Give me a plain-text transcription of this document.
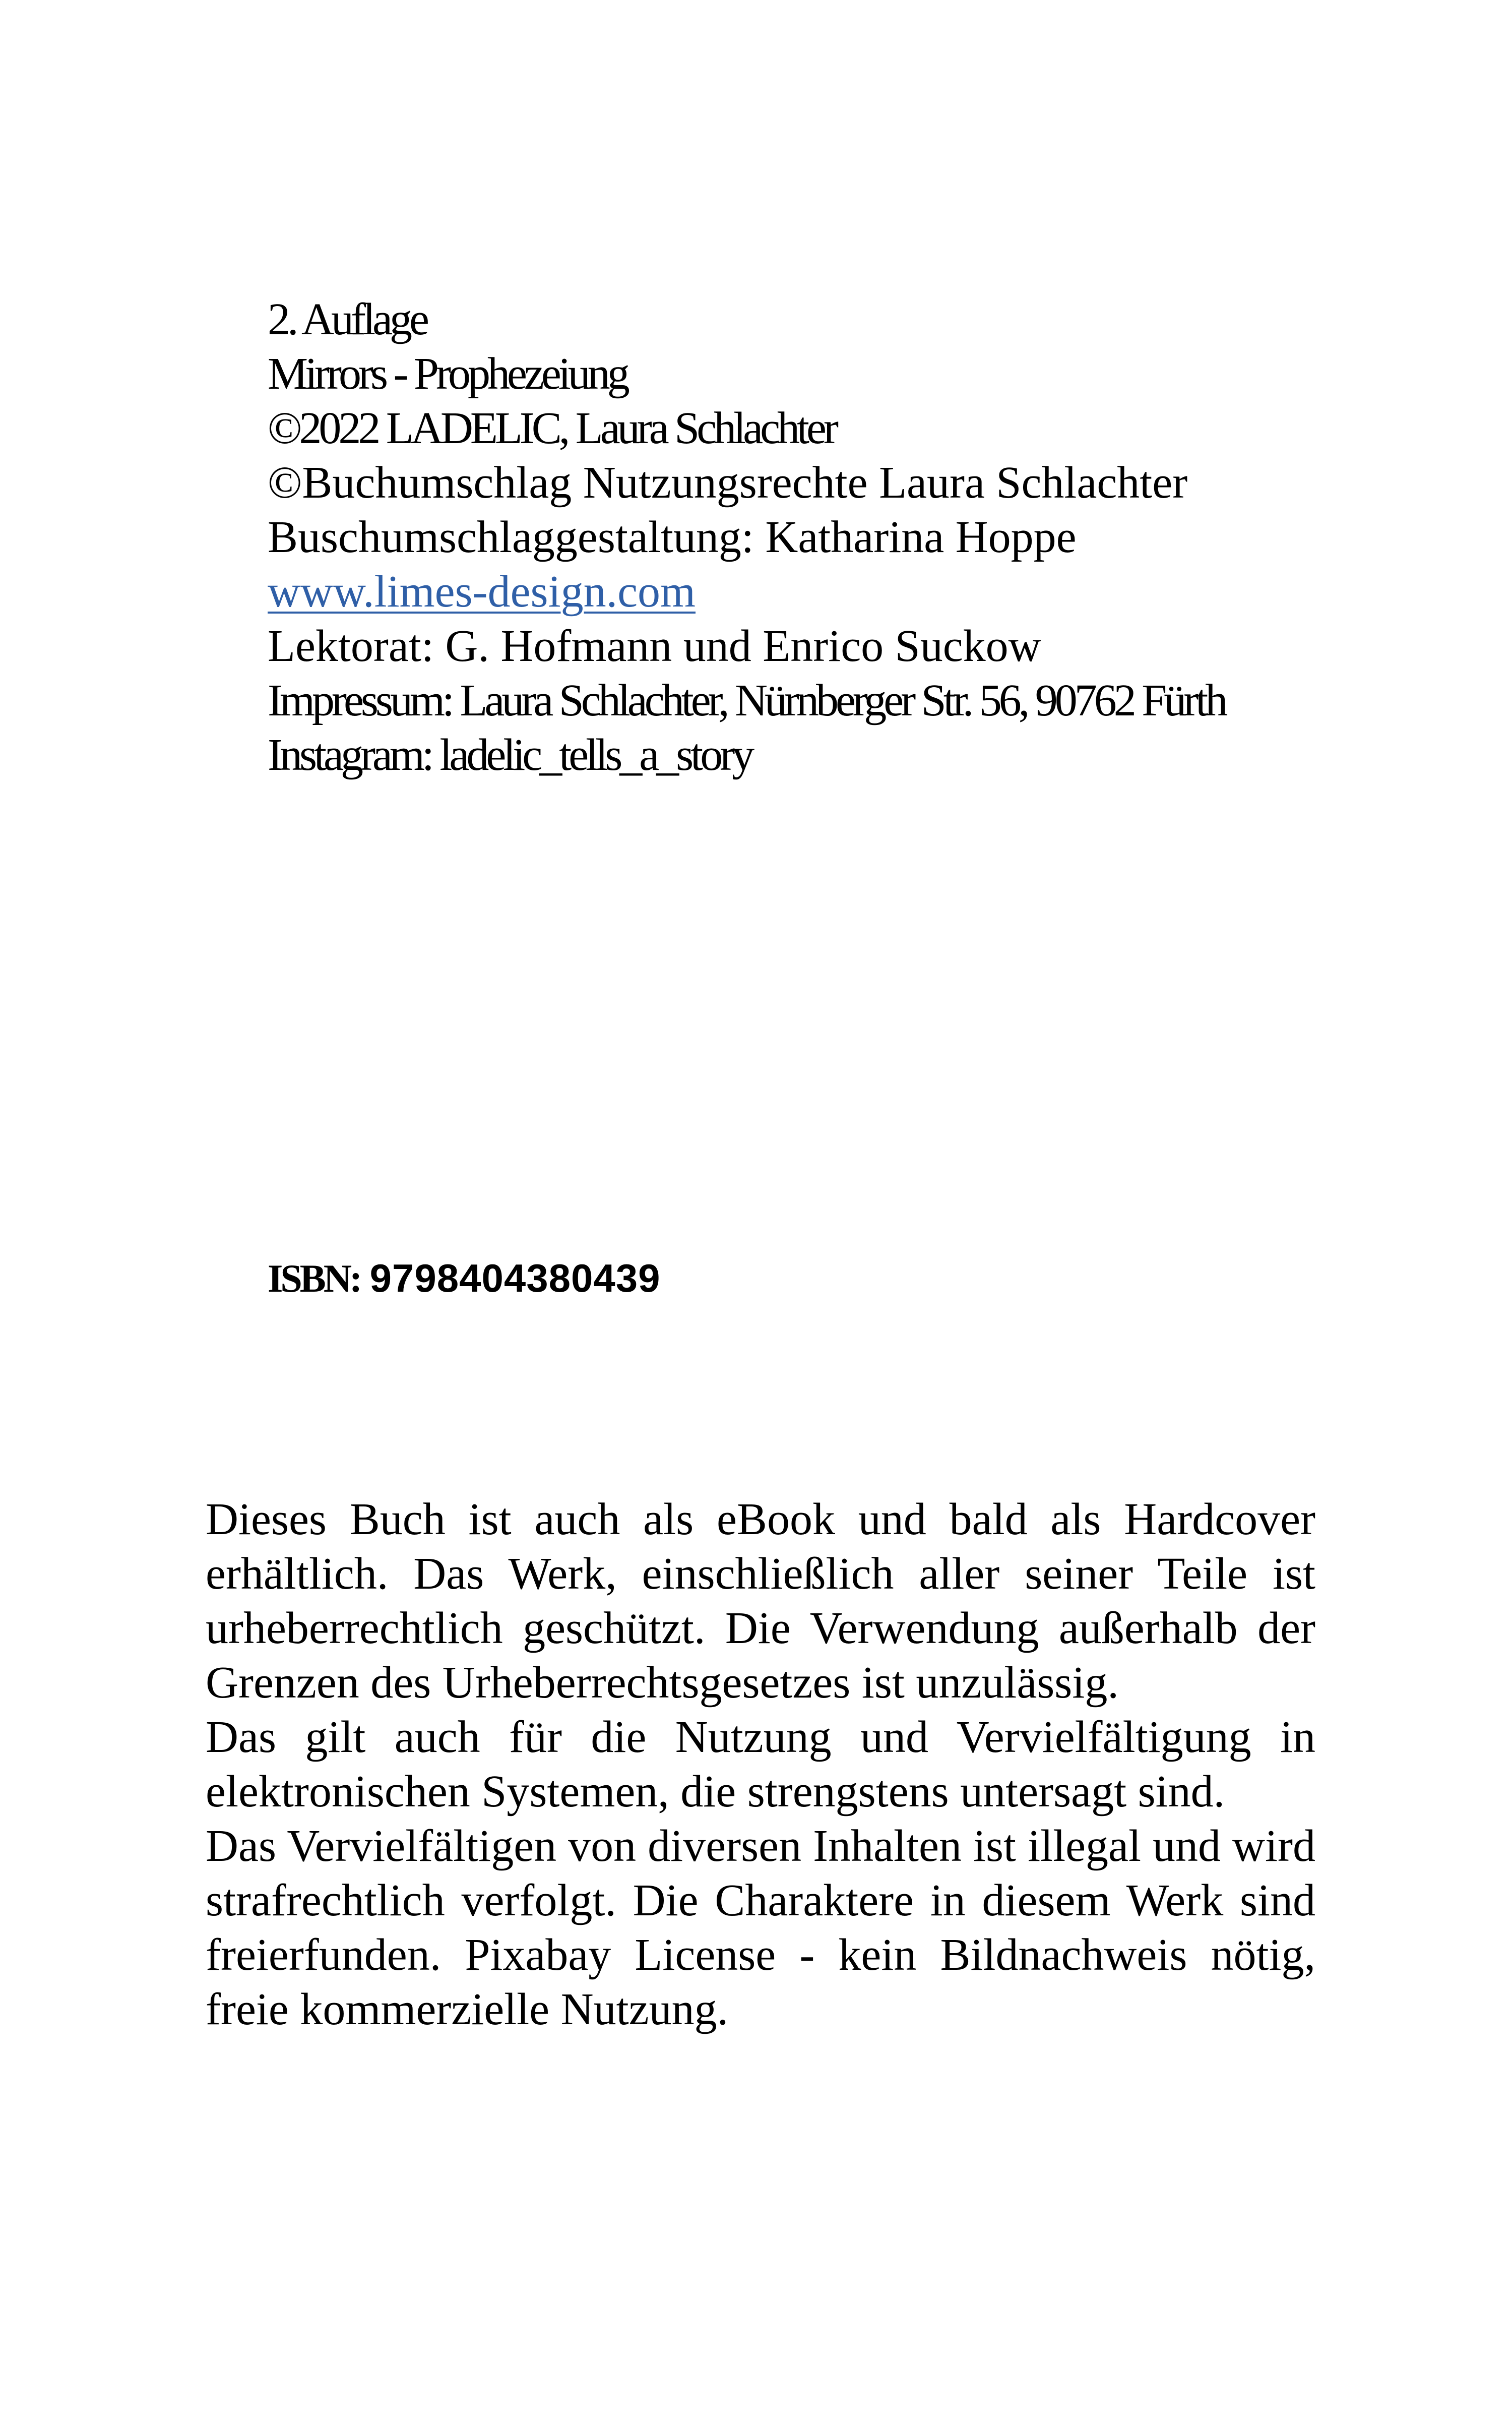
2. Auflage
Mirrors - Prophezeiung
©2022 LADELIC, Laura Schlachter
©Buchumschlag Nutzungsrechte Laura Schlachter
Buschumschlaggestaltung: Katharina Hoppe
www.limes-design.com
Lektorat: G. Hofmann und Enrico Suckow
Impressum: Laura Schlachter, Nürnberger Str. 56, 90762 Fürth
Instagram: ladelic_tells_a_story
ISBN: 9798404380439

Dieses Buch ist auch als eBook und bald als Hardcover erhältlich. Das Werk, einschließlich aller seiner Teile ist urheberrechtlich geschützt. Die Verwendung außerhalb der Grenzen des Urheberrechtsgesetzes ist unzulässig.

Das gilt auch für die Nutzung und Vervielfältigung in elektronischen Systemen, die strengstens untersagt sind.

Das Vervielfältigen von diversen Inhalten ist illegal und wird strafrechtlich verfolgt. Die Charaktere in diesem Werk sind freierfunden. Pixabay License - kein Bildnachweis nötig, freie kommerzielle Nutzung.
